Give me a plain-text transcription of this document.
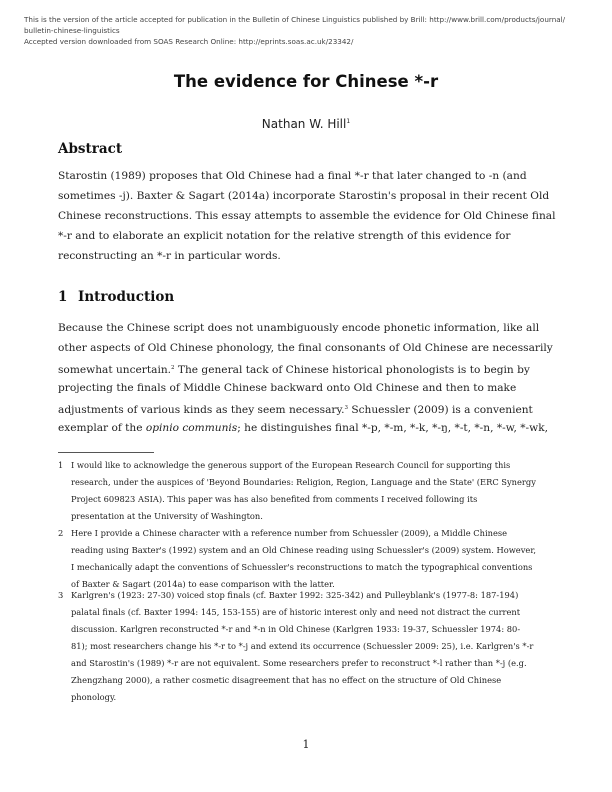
This is the version of the article accepted for publication in the Bulletin of Chinese Linguistics published by Brill: http://www.brill.com/products/journal/
bulletin-chinese-linguistics
Accepted version downloaded from SOAS Research Online: http://eprints.soas.ac.uk/23342/
The evidence for Chinese *-r
Nathan W. Hill$^1$
Abstract
Starostin (1989) proposes that Old Chinese had a final *-r that later changed to -n (and
sometimes -j). Baxter & Sagart (2014a) incorporate Starostin's proposal in their recent Old
Chinese reconstructions. This essay attempts to assemble the evidence for Old Chinese final
*-r and to elaborate an explicit notation for the relative strength of this evidence for
reconstructing an *-r in particular words.
1 Introduction
Because the Chinese script does not unambiguously encode phonetic information, like all
other aspects of Old Chinese phonology, the final consonants of Old Chinese are necessarily
somewhat uncertain.$^2$ The general tack of Chinese historical phonologists is to begin by
projecting the finals of Middle Chinese backward onto Old Chinese and then to make
adjustments of various kinds as they seem necessary.$^3$ Schuessler (2009) is a convenient
exemplar of the opinio communis; he distinguishes final *-p, *-m, *-k, *-ŋ, *-t, *-n, *-w, *-wk,
1 I would like to acknowledge the generous support of the European Research Council for supporting this
research, under the auspices of 'Beyond Boundaries: Religion, Region, Language and the State' (ERC Synergy
Project 609823 ASIA). This paper was has also benefited from comments I received following its
presentation at the University of Washington.
2 Here I provide a Chinese character with a reference number from Schuessler (2009), a Middle Chinese
reading using Baxter's (1992) system and an Old Chinese reading using Schuessler's (2009) system. However,
I mechanically adapt the conventions of Schuessler's reconstructions to match the typographical conventions
of Baxter & Sagart (2014a) to ease comparison with the latter.
3 Karlgren's (1923: 27-30) voiced stop finals (cf. Baxter 1992: 325-342) and Pulleyblank's (1977-8: 187-194)
palatal finals (cf. Baxter 1994: 145, 153-155) are of historic interest only and need not distract the current
discussion. Karlgren reconstructed *-r and *-n in Old Chinese (Karlgren 1933: 19-37, Schuessler 1974: 80-
81); most researchers change his *-r to *-j and extend its occurrence (Schuessler 2009: 25), i.e. Karlgren's *-r
and Starostin's (1989) *-r are not equivalent. Some researchers prefer to reconstruct *-l rather than *-j (e.g.
Zhengzhang 2000), a rather cosmetic disagreement that has no effect on the structure of Old Chinese
phonology.
1
